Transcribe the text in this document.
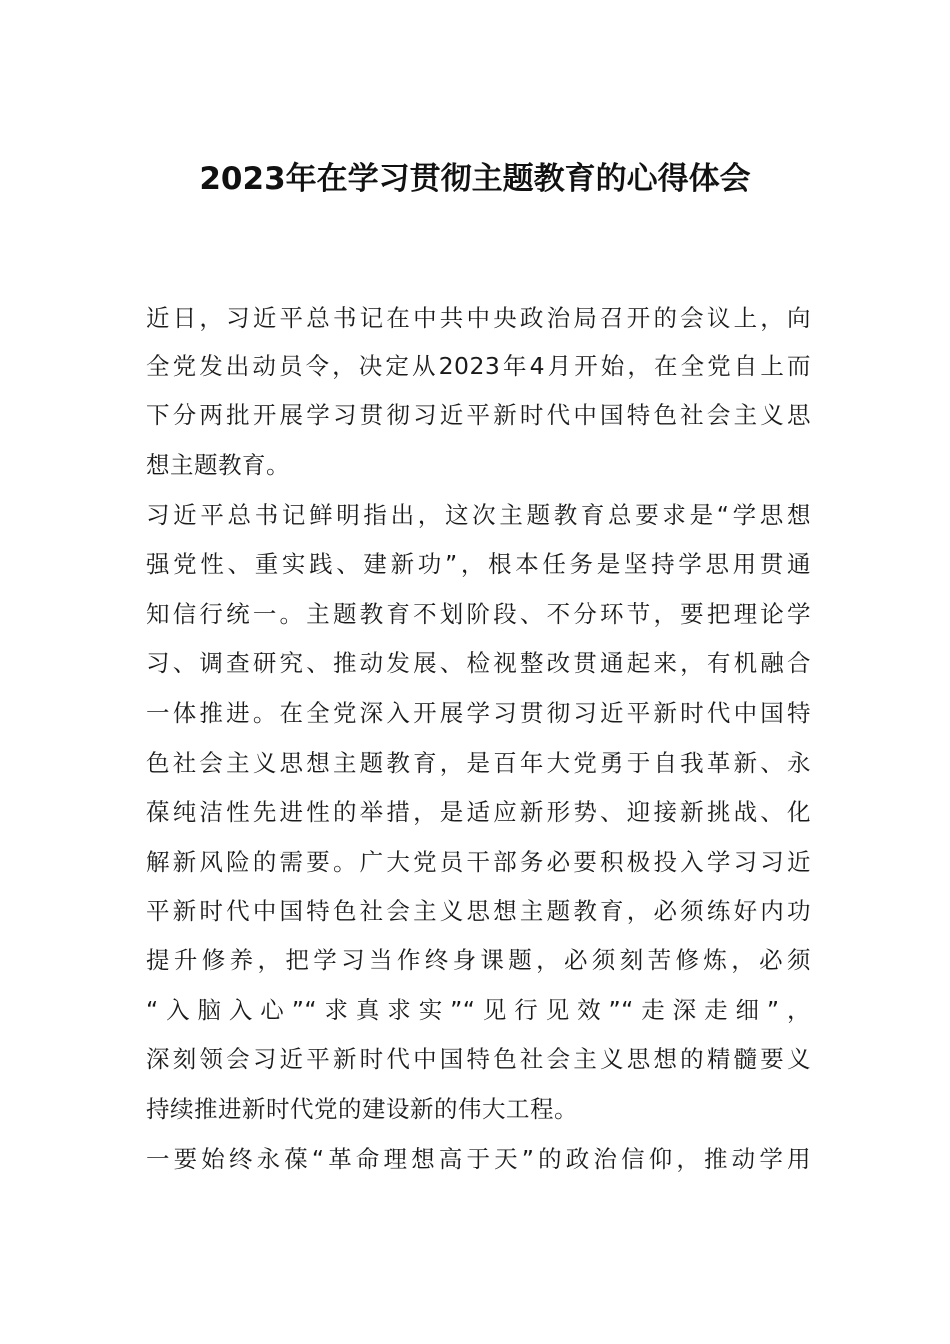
2023年在学习贯彻主题教育的心得体会
近日，习近平总书记在中共中央政治局召开的会议上，向
全党发出动员令，决定从2023年4月开始，在全党自上而
下分两批开展学习贯彻习近平新时代中国特色社会主义思
想主题教育。
习近平总书记鲜明指出，这次主题教育总要求是“学思想
强党性、重实践、建新功”，根本任务是坚持学思用贯通
知信行统一。主题教育不划阶段、不分环节，要把理论学
习、调查研究、推动发展、检视整改贯通起来，有机融合
一体推进。在全党深入开展学习贯彻习近平新时代中国特
色社会主义思想主题教育，是百年大党勇于自我革新、永
葆纯洁性先进性的举措，是适应新形势、迎接新挑战、化
解新风险的需要。广大党员干部务必要积极投入学习习近
平新时代中国特色社会主义思想主题教育，必须练好内功
提升修养，把学习当作终身课题，必须刻苦修炼，必须
“入脑入心”“求真求实”“见行见效”“走深走细”，
深刻领会习近平新时代中国特色社会主义思想的精髓要义
持续推进新时代党的建设新的伟大工程。
一要始终永葆“革命理想高于天”的政治信仰，推动学用
